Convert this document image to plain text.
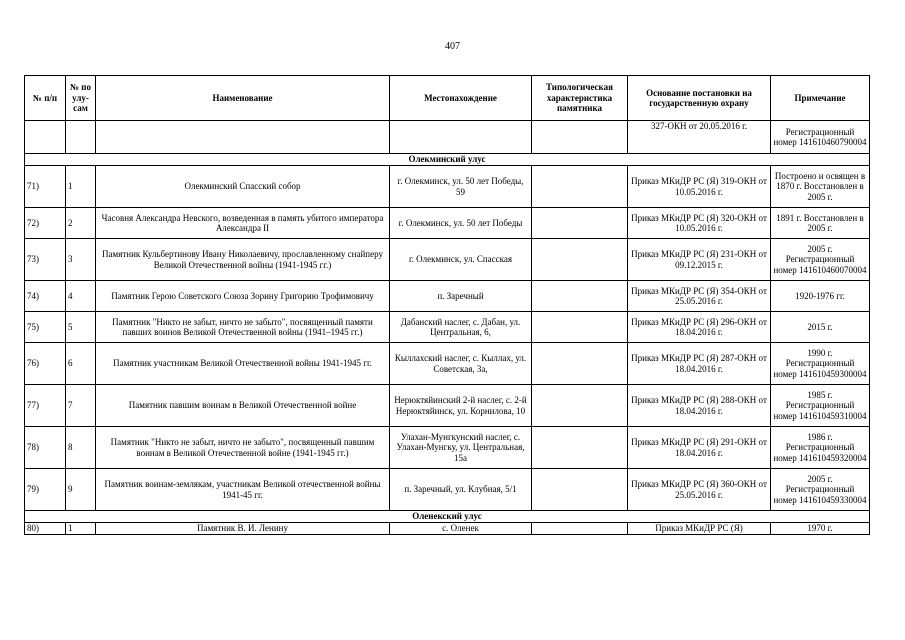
407
№ п/п	№ по улу-сам	Наименование	Местонахождение	Типологическая характеристика памятника	Основание постановки на государственную охрану	Примечание
					327-ОКН от 20.05.2016 г.	Регистрационный номер 141610460790004
Олекминский улус						
71)	1	Олекминский Спасский собор	г. Олекминск, ул. 50 лет Победы, 59		Приказ МКиДР РС (Я) 319-ОКН от 10.05.2016 г.	Построено и освящен в 1870 г. Восстановлен в 2005 г.
72)	2	Часовня Александра Невского, возведенная в память убитого императора Александра II	г. Олекминск, ул. 50 лет Победы		Приказ МКиДР РС (Я) 320-ОКН от 10.05.2016 г.	1891 г. Восстановлен в 2005 г.
73)	3	Памятник Кульбертинову Ивану Николаевичу, прославленному снайперу Великой Отечественной войны (1941-1945 гг.)	г. Олекминск, ул. Спасская		Приказ МКиДР РС (Я) 231-ОКН от 09.12.2015 г.	2005 г. Регистрационный номер 141610460070004
74)	4	Памятник Герою Советского Союза Зорину Григорию Трофимовичу	п. Заречный		Приказ МКиДР РС (Я) 354-ОКН от 25.05.2016 г.	1920-1976 гг.
75)	5	Памятник "Никто не забыт, ничто не забыто", посвященный памяти павших воинов Великой Отечественной войны (1941–1945 гг.)	Дабанский наслег, с. Дабан, ул. Центральная, 6,		Приказ МКиДР РС (Я) 296-ОКН от 18.04.2016 г.	2015 г.
76)	6	Памятник участникам Великой Отечественной войны 1941-1945 гг.	Кыллахский наслег, с. Кыллах, ул. Советская, 3а,		Приказ МКиДР РС (Я) 287-ОКН от 18.04.2016 г.	1990 г. Регистрационный номер 141610459300004
77)	7	Памятник павшим воинам в Великой Отечественной войне	Нерюктяйинский 2-й наслег, с. 2-й Нерюктяйинск, ул. Корнилова, 10		Приказ МКиДР РС (Я) 288-ОКН от 18.04.2016 г.	1985 г. Регистрационный номер 141610459310004
78)	8	Памятник "Никто не забыт, ничто не забыто", посвященный павшим воинам в Великой Отечественной войне (1941-1945 гг.)	Улахан-Мунгкунский наслег, с. Улахан-Мунгку, ул. Центральная, 15а		Приказ МКиДР РС (Я) 291-ОКН от 18.04.2016 г.	1986 г. Регистрационный номер 141610459320004
79)	9	Памятник воинам-землякам, участникам Великой отечественной войны 1941-45 гг.	п. Заречный, ул. Клубная, 5/1		Приказ МКиДР РС (Я) 360-ОКН от 25.05.2016 г.	2005 г. Регистрационный номер 141610459330004
Оленекский улус						
80)	1	Памятник В. И. Ленину	с. Оленек		Приказ МКиДР РС (Я)	1970 г.
